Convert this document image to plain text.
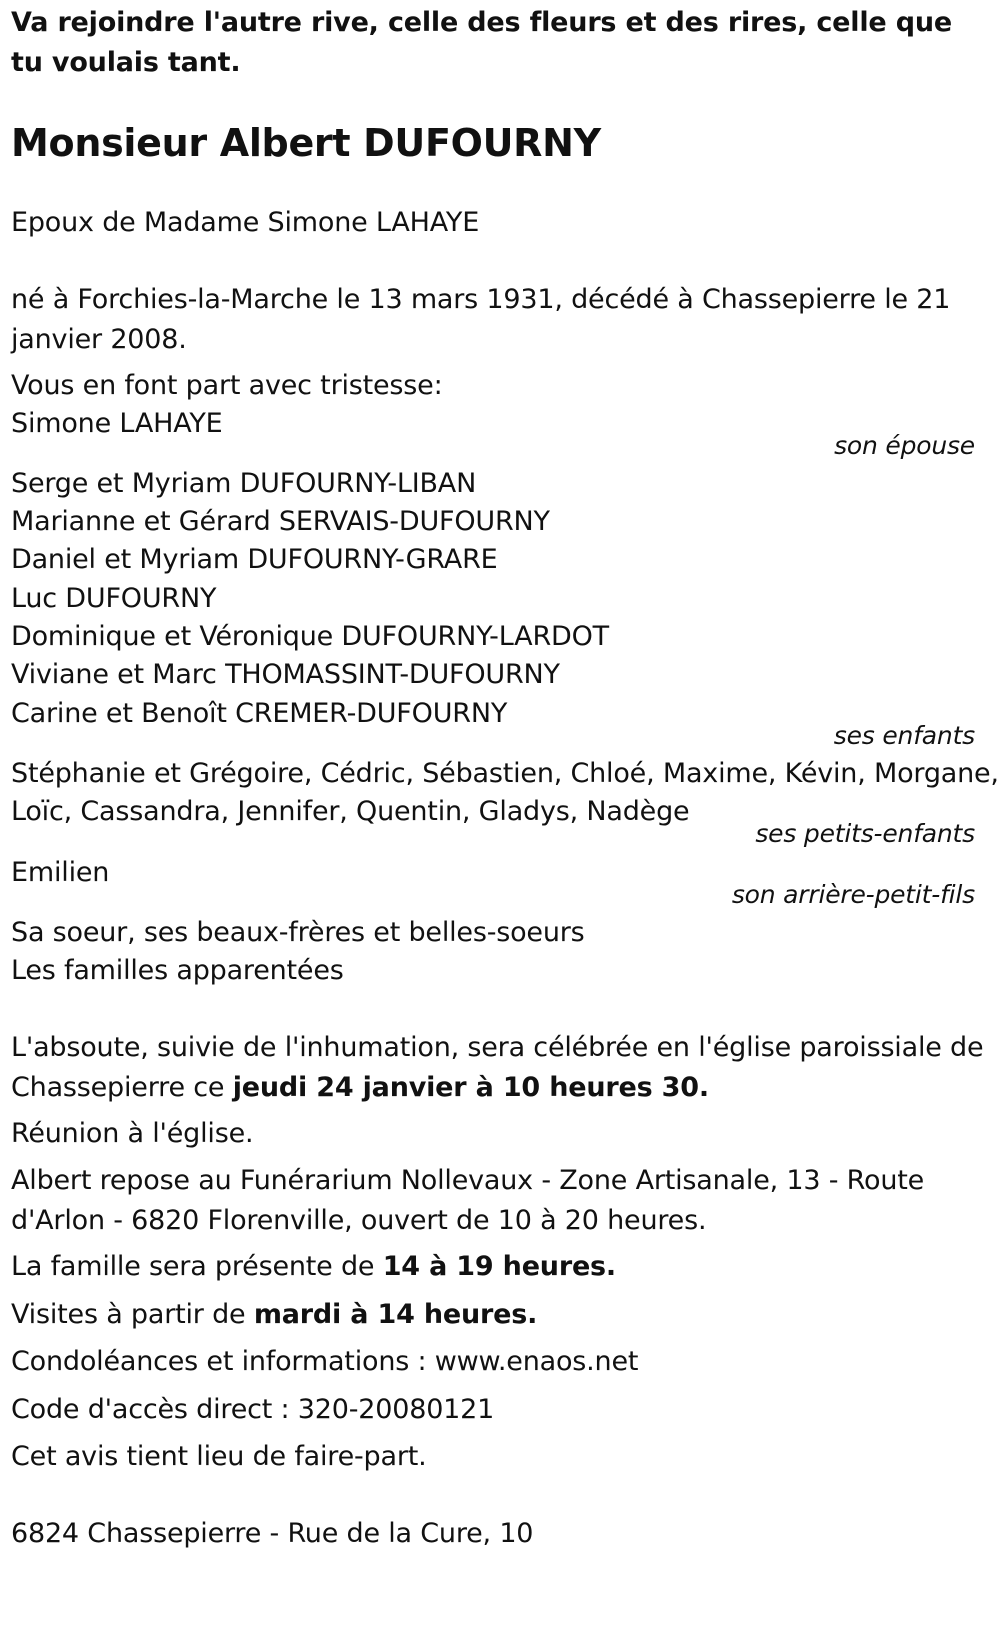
Va rejoindre l'autre rive, celle des fleurs et des rires, celle que tu voulais tant.
Monsieur Albert DUFOURNY
Epoux de Madame Simone LAHAYE
né à Forchies-la-Marche le 13 mars 1931, décédé à Chassepierre le 21 janvier 2008.
Vous en font part avec tristesse:
Simone LAHAYE
son épouse
Serge et Myriam DUFOURNY-LIBAN
Marianne et Gérard SERVAIS-DUFOURNY
Daniel et Myriam DUFOURNY-GRARE
Luc DUFOURNY
Dominique et Véronique DUFOURNY-LARDOT
Viviane et Marc THOMASSINT-DUFOURNY
Carine et Benoît CREMER-DUFOURNY
ses enfants
Stéphanie et Grégoire, Cédric, Sébastien, Chloé, Maxime, Kévin, Morgane,
Loïc, Cassandra, Jennifer, Quentin, Gladys, Nadège
ses petits-enfants
Emilien
son arrière-petit-fils
Sa soeur, ses beaux-frères et belles-soeurs
Les familles apparentées
L'absoute, suivie de l'inhumation, sera célébrée en l'église paroissiale de Chassepierre ce jeudi 24 janvier à 10 heures 30.
Réunion à l'église.
Albert repose au Funérarium Nollevaux - Zone Artisanale, 13 - Route d'Arlon - 6820 Florenville, ouvert de 10 à 20 heures.
La famille sera présente de 14 à 19 heures.
Visites à partir de mardi à 14 heures.
Condoléances et informations : www.enaos.net
Code d'accès direct : 320-20080121
Cet avis tient lieu de faire-part.
6824 Chassepierre - Rue de la Cure, 10
